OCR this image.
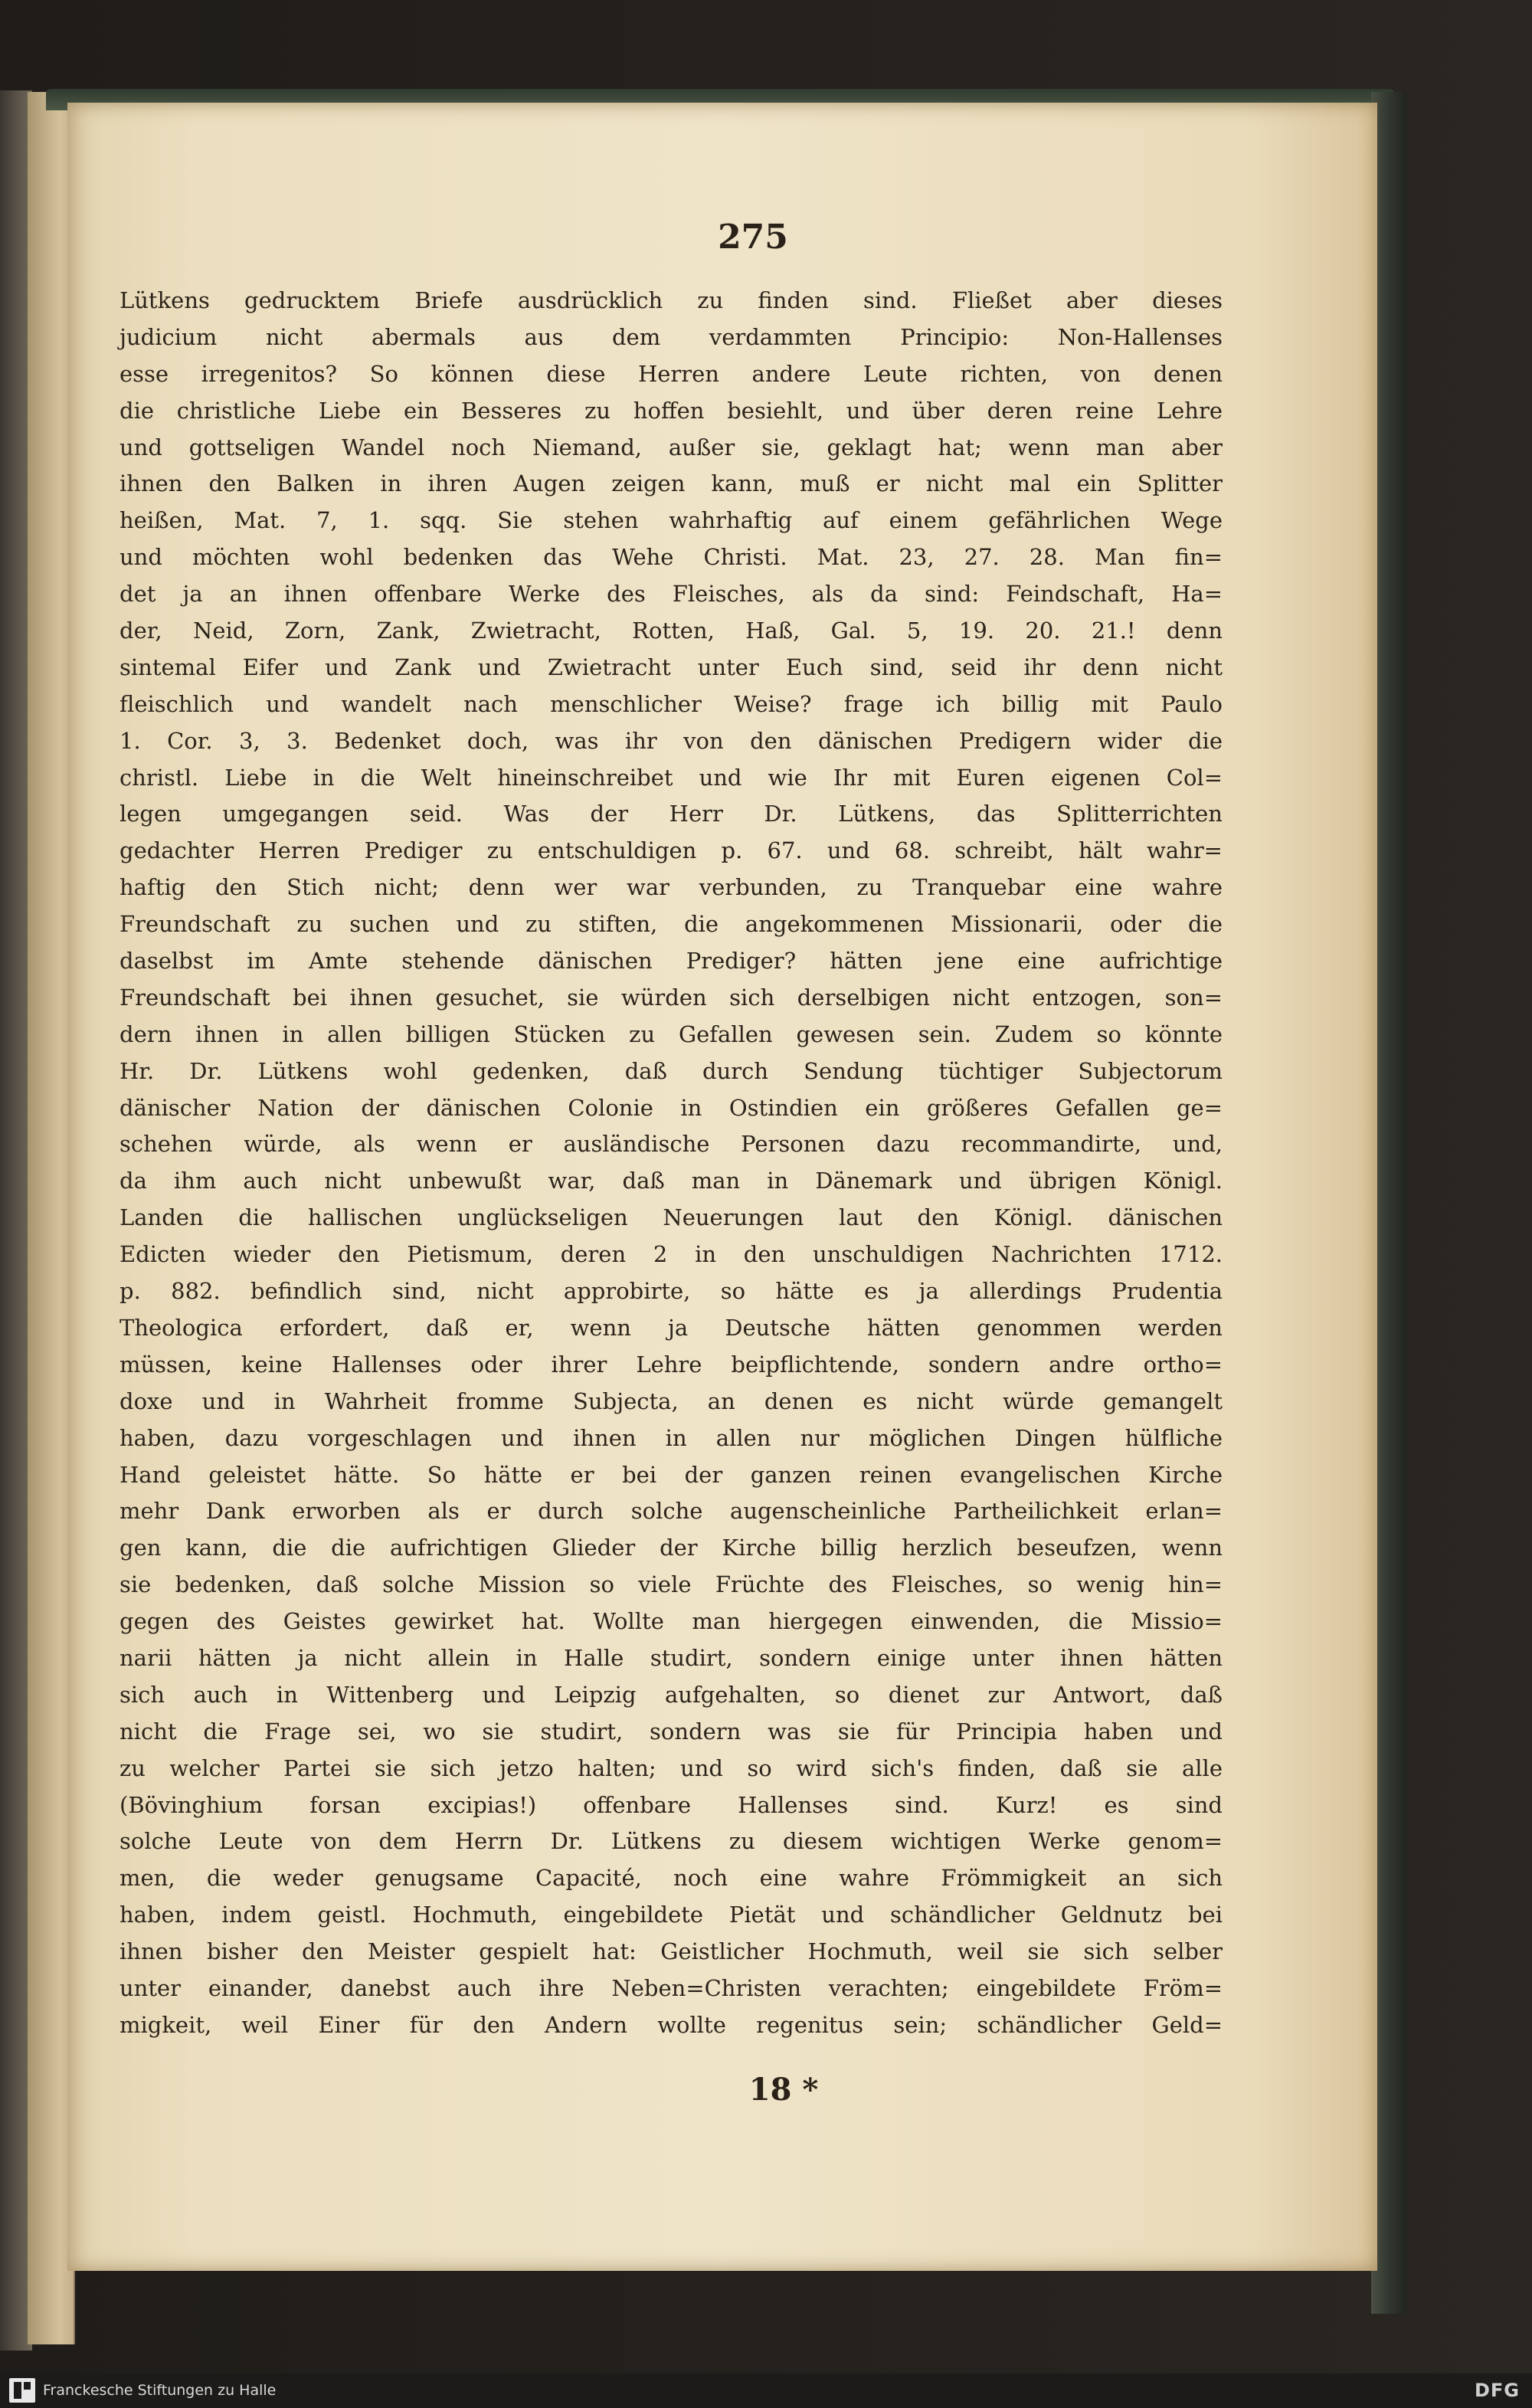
275
Lütkens gedrucktem Briefe ausdrücklich zu finden sind. Fließet aber dieses
judicium nicht abermals aus dem verdammten Principio: Non-Hallenses
esse irregenitos? So können diese Herren andere Leute richten, von denen
die christliche Liebe ein Besseres zu hoffen besiehlt, und über deren reine Lehre
und gottseligen Wandel noch Niemand, außer sie, geklagt hat; wenn man aber
ihnen den Balken in ihren Augen zeigen kann, muß er nicht mal ein Splitter
heißen, Mat. 7, 1. sqq. Sie stehen wahrhaftig auf einem gefährlichen Wege
und möchten wohl bedenken das Wehe Christi. Mat. 23, 27. 28. Man fin=
det ja an ihnen offenbare Werke des Fleisches, als da sind: Feindschaft, Ha=
der, Neid, Zorn, Zank, Zwietracht, Rotten, Haß, Gal. 5, 19. 20. 21.! denn
sintemal Eifer und Zank und Zwietracht unter Euch sind, seid ihr denn nicht
fleischlich und wandelt nach menschlicher Weise? frage ich billig mit Paulo
1. Cor. 3, 3. Bedenket doch, was ihr von den dänischen Predigern wider die
christl. Liebe in die Welt hineinschreibet und wie Ihr mit Euren eigenen Col=
legen umgegangen seid. Was der Herr Dr. Lütkens, das Splitterrichten
gedachter Herren Prediger zu entschuldigen p. 67. und 68. schreibt, hält wahr=
haftig den Stich nicht; denn wer war verbunden, zu Tranquebar eine wahre
Freundschaft zu suchen und zu stiften, die angekommenen Missionarii, oder die
daselbst im Amte stehende dänischen Prediger? hätten jene eine aufrichtige
Freundschaft bei ihnen gesuchet, sie würden sich derselbigen nicht entzogen, son=
dern ihnen in allen billigen Stücken zu Gefallen gewesen sein. Zudem so könnte
Hr. Dr. Lütkens wohl gedenken, daß durch Sendung tüchtiger Subjectorum
dänischer Nation der dänischen Colonie in Ostindien ein größeres Gefallen ge=
schehen würde, als wenn er ausländische Personen dazu recommandirte, und,
da ihm auch nicht unbewußt war, daß man in Dänemark und übrigen Königl.
Landen die hallischen unglückseligen Neuerungen laut den Königl. dänischen
Edicten wieder den Pietismum, deren 2 in den unschuldigen Nachrichten 1712.
p. 882. befindlich sind, nicht approbirte, so hätte es ja allerdings Prudentia
Theologica erfordert, daß er, wenn ja Deutsche hätten genommen werden
müssen, keine Hallenses oder ihrer Lehre beipflichtende, sondern andre ortho=
doxe und in Wahrheit fromme Subjecta, an denen es nicht würde gemangelt
haben, dazu vorgeschlagen und ihnen in allen nur möglichen Dingen hülfliche
Hand geleistet hätte. So hätte er bei der ganzen reinen evangelischen Kirche
mehr Dank erworben als er durch solche augenscheinliche Partheilichkeit erlan=
gen kann, die die aufrichtigen Glieder der Kirche billig herzlich beseufzen, wenn
sie bedenken, daß solche Mission so viele Früchte des Fleisches, so wenig hin=
gegen des Geistes gewirket hat. Wollte man hiergegen einwenden, die Missio=
narii hätten ja nicht allein in Halle studirt, sondern einige unter ihnen hätten
sich auch in Wittenberg und Leipzig aufgehalten, so dienet zur Antwort, daß
nicht die Frage sei, wo sie studirt, sondern was sie für Principia haben und
zu welcher Partei sie sich jetzo halten; und so wird sich's finden, daß sie alle
(Bövinghium forsan excipias!) offenbare Hallenses sind. Kurz! es sind
solche Leute von dem Herrn Dr. Lütkens zu diesem wichtigen Werke genom=
men, die weder genugsame Capacité, noch eine wahre Frömmigkeit an sich
haben, indem geistl. Hochmuth, eingebildete Pietät und schändlicher Geldnutz bei
ihnen bisher den Meister gespielt hat: Geistlicher Hochmuth, weil sie sich selber
unter einander, danebst auch ihre Neben=Christen verachten; eingebildete Fröm=
migkeit, weil Einer für den Andern wollte regenitus sein; schändlicher Geld=
18 *
Franckesche Stiftungen zu Halle	DFG
